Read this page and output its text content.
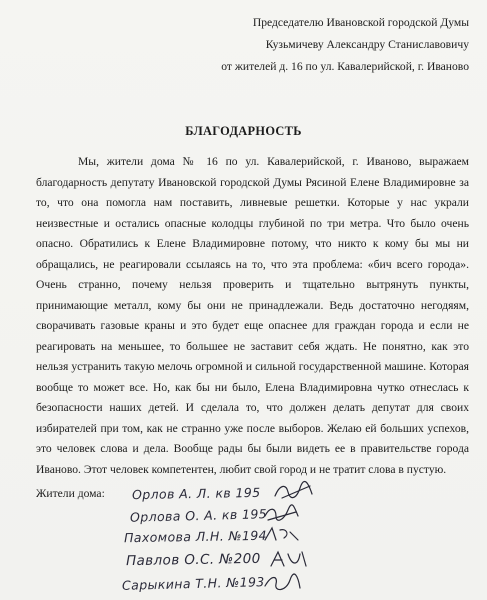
Председателю Ивановской городской Думы
Кузьмичеву Александру Станиславовичу
от жителей д. 16 по ул. Кавалерийской, г. Иваново
БЛАГОДАРНОСТЬ
Мы, жители дома № 16 по ул. Кавалерийской, г. Иваново, выражаем благодарность депутату Ивановской городской Думы Рясиной Елене Владимировне за то, что она помогла нам поставить, ливневые решетки. Которые у нас украли неизвестные и остались опасные колодцы глубиной по три метра. Что было очень опасно. Обратились к Елене Владимировне потому, что никто к кому бы мы ни обращались, не реагировали ссылаясь на то, что эта проблема: «бич всего города». Очень странно, почему нельзя проверить и тщательно вытрянуть пункты, принимающие металл, кому бы они не принадлежали. Ведь достаточно негодяям, сворачивать газовые краны и это будет еще опаснее для граждан города и если не реагировать на меньшее, то большее не заставит себя ждать. Не понятно, как это нельзя устранить такую мелочь огромной и сильной государственной машине. Которая вообще то может все. Но, как бы ни было, Елена Владимировна чутко отнеслась к безопасности наших детей. И сделала то, что должен делать депутат для своих избирателей при том, как не странно уже после выборов. Желаю ей больших успехов, это человек слова и дела. Вообще рады бы были видеть ее в правительстве города Иваново. Этот человек компетентен, любит свой город и не тратит слова в пустую.
Жители дома: Орлов А. Л. кв 195
Орлова О. А. кв 195
Пахомова Л.Н. №194
Павлов О.С. №200
Сарыкина Т.Н. №193
